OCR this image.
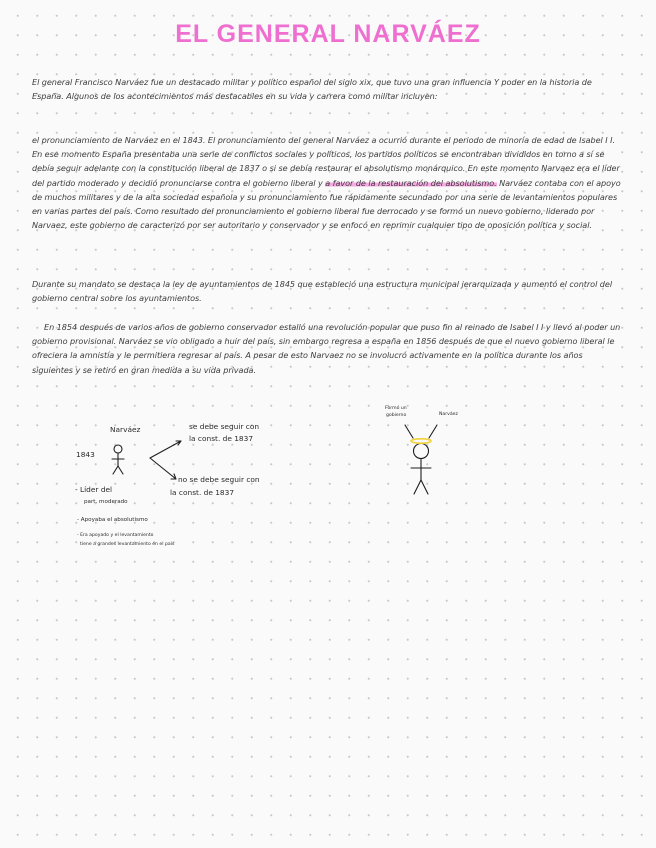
EL GENERAL NARVÁEZ

El general Francisco Narváez fue un destacado militar y político español del siglo xix, que tuvo una gran influencia Y poder en la historia de España. Algunos de los acontecimientos más destacables en su vida y carrera como militar incluyen:

el pronunciamiento de Narváez en el 1843. El pronunciamiento del general Narváez a ocurrió durante el periodo de minoría de edad de Isabel I I. En ese momento España presentaba una serie de conflictos sociales y políticos, los partidos políticos se encontraban divididos en torno a sí se debía seguir adelante con la constitución liberal de 1837 o si se debía restaurar el absolutismo monárquico. En este momento Narvaez era el líder del partido moderado y decidió pronunciarse contra el gobierno liberal y a favor de la restauración del absolutismo. Narváez contaba con el apoyo de muchos militares y de la alta sociedad española y su pronunciamiento fue rápidamente secundado por una serie de levantamientos populares en varias partes del país. Como resultado del pronunciamiento el gobierno liberal fue derrocado y se formó un nuevo gobierno, liderado por Narvaez, este gobierno de caracterizó por ser autoritario y conservador y se enfocó en reprimir cualquier tipo de oposición política y social.

Durante su mandato se destaca la ley de ayuntamientos de 1845 que estableció una estructura municipal jerarquizada y aumentó el control del gobierno central sobre los ayuntamientos.

En 1854 después de varios años de gobierno conservador estalló una revolución popular que puso fin al reinado de Isabel I I y llevó al poder un gobierno provisional. Narváez se vio obligado a huir del país, sin embargo regresa a españa en 1856 después de que el nuevo gobierno liberal le ofreciera la amnistía y le permitiera regresar al país. A pesar de esto Narvaez no se involucró activamente en la política durante los años siguientes y se retiró en gran medida a su vida privada.

Narváez
1843
se debe seguir con
la const. de 1837
no se debe seguir con
la const. de 1837
- Líder del
part. moderado
- Apoyaba el absolutismo
- Era apoyado y el levantamiento
tiene a grandes levantamiento en el país
Formó un
gobierno	Narváez
